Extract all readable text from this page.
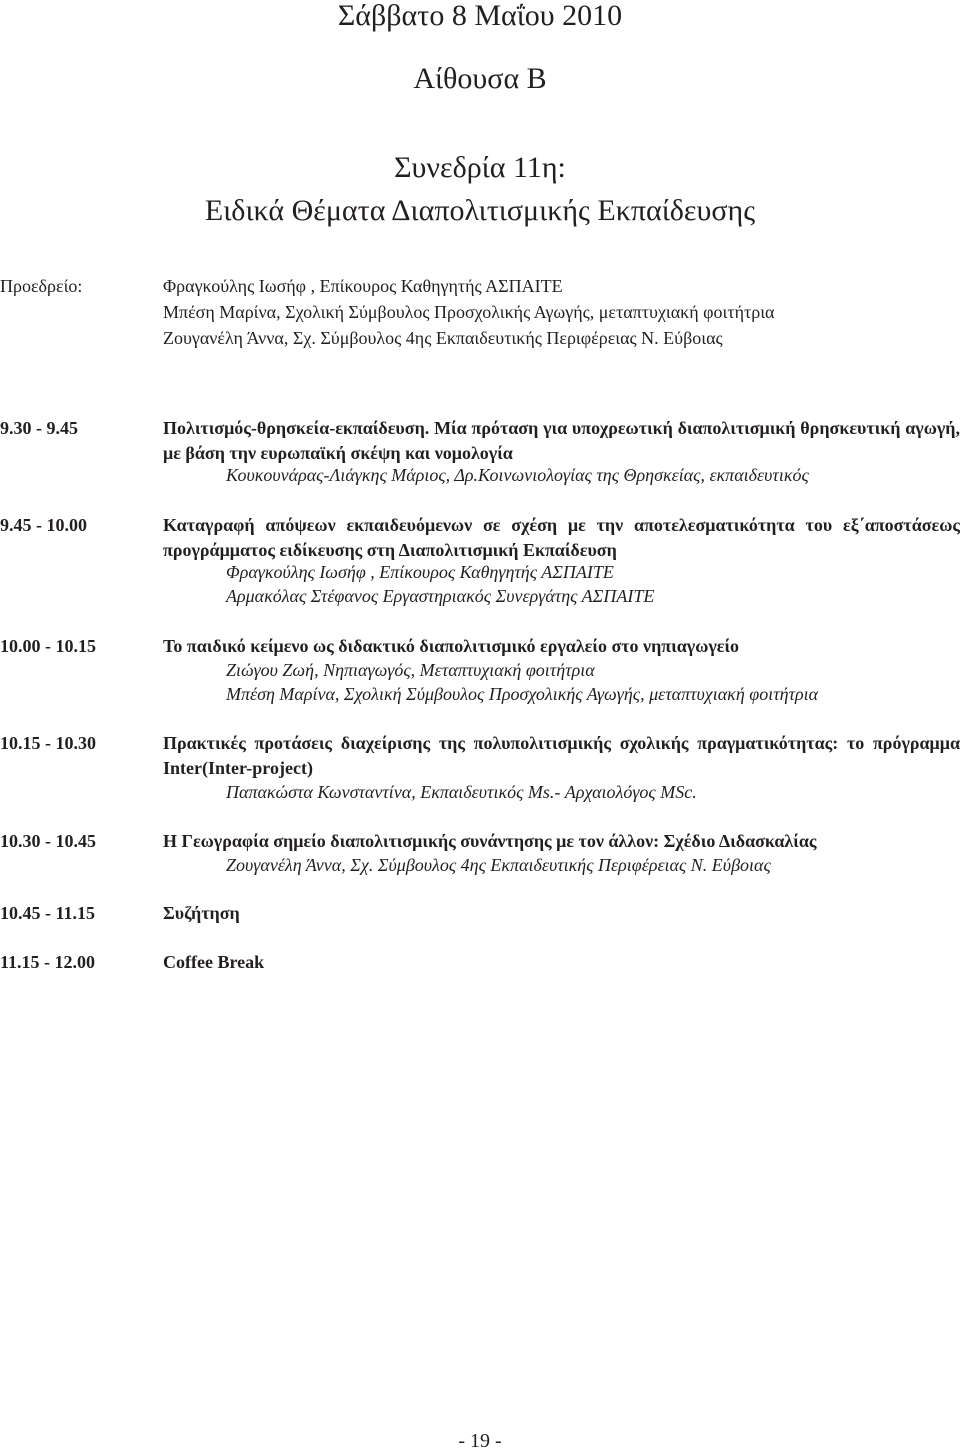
Σάββατο 8 Μαΐου 2010
Αίθουσα Β
Συνεδρία 11η:
Ειδικά Θέματα Διαπολιτισμικής Εκπαίδευσης
Προεδρείο:	Φραγκούλης Ιωσήφ , Επίκουρος Καθηγητής ΑΣΠΑΙΤΕ
Μπέση Μαρίνα, Σχολική Σύμβουλος Προσχολικής Αγωγής, μεταπτυχιακή φοιτήτρια
Ζουγανέλη Άννα, Σχ. Σύμβουλος 4ης Εκπαιδευτικής Περιφέρειας Ν. Εύβοιας
9.30 - 9.45	Πολιτισμός-θρησκεία-εκπαίδευση. Μία πρόταση για υποχρεωτική διαπολιτισμική θρησκευτική αγωγή, με βάση την ευρωπαϊκή σκέψη και νομολογία
Κουκουνάρας-Λιάγκης Μάριος, Δρ.Κοινωνιολογίας της Θρησκείας, εκπαιδευτικός
9.45 - 10.00	Καταγραφή απόψεων εκπαιδευόμενων σε σχέση με την αποτελεσματικότητα του εξ΄αποστάσεως προγράμματος ειδίκευσης στη Διαπολιτισμική Εκπαίδευση
Φραγκούλης Ιωσήφ , Επίκουρος Καθηγητής ΑΣΠΑΙΤΕ
Αρμακόλας Στέφανος Εργαστηριακός Συνεργάτης ΑΣΠΑΙΤΕ
10.00 - 10.15	Το παιδικό κείμενο ως διδακτικό διαπολιτισμικό εργαλείο στο νηπιαγωγείο
Ζιώγου Ζωή, Νηπιαγωγός, Μεταπτυχιακή φοιτήτρια
Μπέση Μαρίνα, Σχολική Σύμβουλος Προσχολικής Αγωγής, μεταπτυχιακή φοιτήτρια
10.15 - 10.30	Πρακτικές προτάσεις διαχείρισης της πολυπολιτισμικής σχολικής πραγματικότητας: το πρόγραμμα Inter(Inter-project)
Παπακώστα Κωνσταντίνα, Εκπαιδευτικός Ms.- Αρχαιολόγος MSc.
10.30 - 10.45	Η Γεωγραφία σημείο διαπολιτισμικής συνάντησης με τον άλλον: Σχέδιο Διδασκαλίας
Ζουγανέλη Άννα, Σχ. Σύμβουλος 4ης Εκπαιδευτικής Περιφέρειας Ν. Εύβοιας
10.45 - 11.15	Συζήτηση
11.15 - 12.00	Coffee Break
- 19 -
